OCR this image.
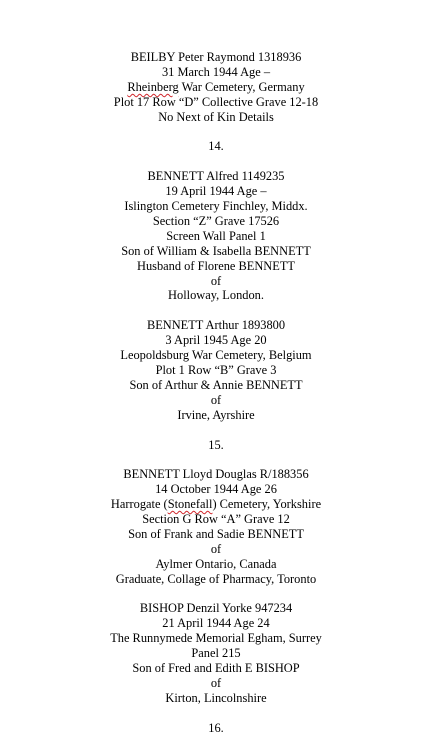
BEILBY Peter Raymond 1318936
31 March 1944 Age –
Rheinberg War Cemetery, Germany
Plot 17 Row “D” Collective Grave 12-18
No Next of Kin Details
14.
BENNETT Alfred 1149235
19 April 1944 Age –
Islington Cemetery Finchley, Middx.
Section “Z” Grave 17526
Screen Wall Panel 1
Son of William & Isabella BENNETT
Husband of Florene BENNETT
of
Holloway, London.
BENNETT Arthur 1893800
3 April 1945 Age 20
Leopoldsburg War Cemetery, Belgium
Plot 1 Row “B” Grave 3
Son of Arthur & Annie BENNETT
of
Irvine, Ayrshire
15.
BENNETT Lloyd Douglas R/188356
14 October 1944 Age 26
Harrogate (Stonefall) Cemetery, Yorkshire
Section G Row “A” Grave 12
Son of Frank and Sadie BENNETT
of
Aylmer Ontario, Canada
Graduate, Collage of Pharmacy, Toronto
BISHOP Denzil Yorke 947234
21 April 1944 Age 24
The Runnymede Memorial Egham, Surrey
Panel 215
Son of Fred and Edith E BISHOP
of
Kirton, Lincolnshire
16.
